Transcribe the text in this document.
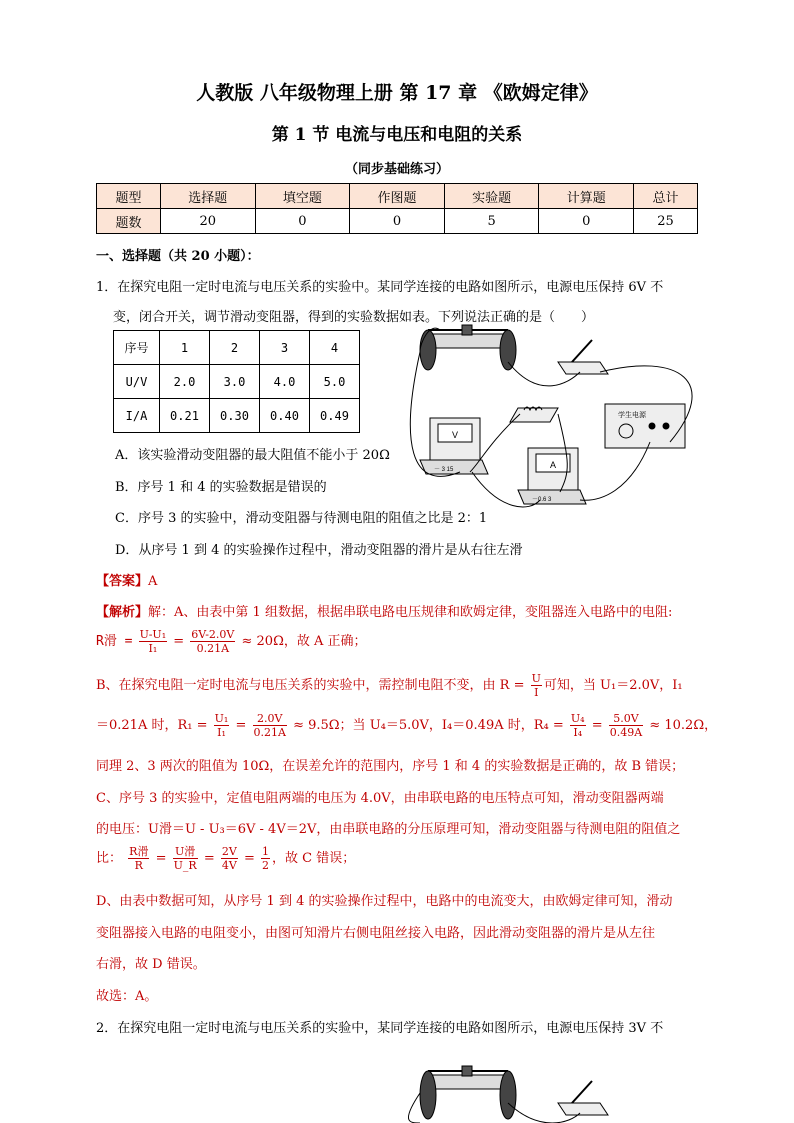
人教版 八年级物理上册 第 17 章 《欧姆定律》
第 1 节 电流与电压和电阻的关系
（同步基础练习）
题型	选择题	填空题	作图题	实验题	计算题	总计
题数	20	0	0	5	0	25
一、选择题（共 20 小题）：
1．在探究电阻一定时电流与电压关系的实验中。某同学连接的电路如图所示，电源电压保持 6V 不
变，闭合开关，调节滑动变阻器，得到的实验数据如表。下列说法正确的是（　　）
序号	1	2	3	4
U/V	2.0	3.0	4.0	5.0
I/A	0.21	0.30	0.40	0.49
A．该实验滑动变阻器的最大阻值不能小于 20Ω
B．序号 1 和 4 的实验数据是错误的
C．序号 3 的实验中，滑动变阻器与待测电阻的阻值之比是 2：1
D．从序号 1 到 4 的实验操作过程中，滑动变阻器的滑片是从右往左滑
学生电源
V
A
－ 3 15
－0.6 3
【答案】A
【解析】解：A、由表中第 1 组数据，根据串联电路电压规律和欧姆定律，变阻器连入电路中的电阻:
R滑 = $\frac{\text{U-U₁}}{\text{I₁}} = \frac{6V-2.0V}{0.21A} \approx 20\Omega$，故 A 正确；
B、在探究电阻一定时电流与电压关系的实验中，需控制电阻不变，由 $R = \frac{U}{I}$ 可知，当 U₁＝2.0V，I₁
＝0.21A 时，$R_1 = \frac{\text{U₁}}{\text{I₁}} = \frac{2.0V}{0.21A} \approx 9.5\Omega$；当 U₄＝5.0V，I₄＝0.49A 时，$R_4 = \frac{\text{U₄}}{\text{I₄}} = \frac{5.0V}{0.49A} \approx 10.2\Omega$，
同理 2、3 两次的阻值为 10Ω，在误差允许的范围内，序号 1 和 4 的实验数据是正确的，故 B 错误；
C、序号 3 的实验中，定值电阻两端的电压为 4.0V，由串联电路的电压特点可知，滑动变阻器两端
的电压：U滑＝U - U₃＝6V - 4V＝2V，由串联电路的分压原理可知，滑动变阻器与待测电阻的阻值之
比： $\frac{\text{R滑}}{R} = \frac{\text{U滑}}{U\_R} = \frac{2V}{4V} = \frac{1}{2}$ ，故 C 错误；
D、由表中数据可知，从序号 1 到 4 的实验操作过程中，电路中的电流变大，由欧姆定律可知，滑动
变阻器接入电路的电阻变小，由图可知滑片右侧电阻丝接入电路，因此滑动变阻器的滑片是从左往
右滑，故 D 错误。
故选：A。
2．在探究电阻一定时电流与电压关系的实验中，某同学连接的电路如图所示，电源电压保持 3V 不
